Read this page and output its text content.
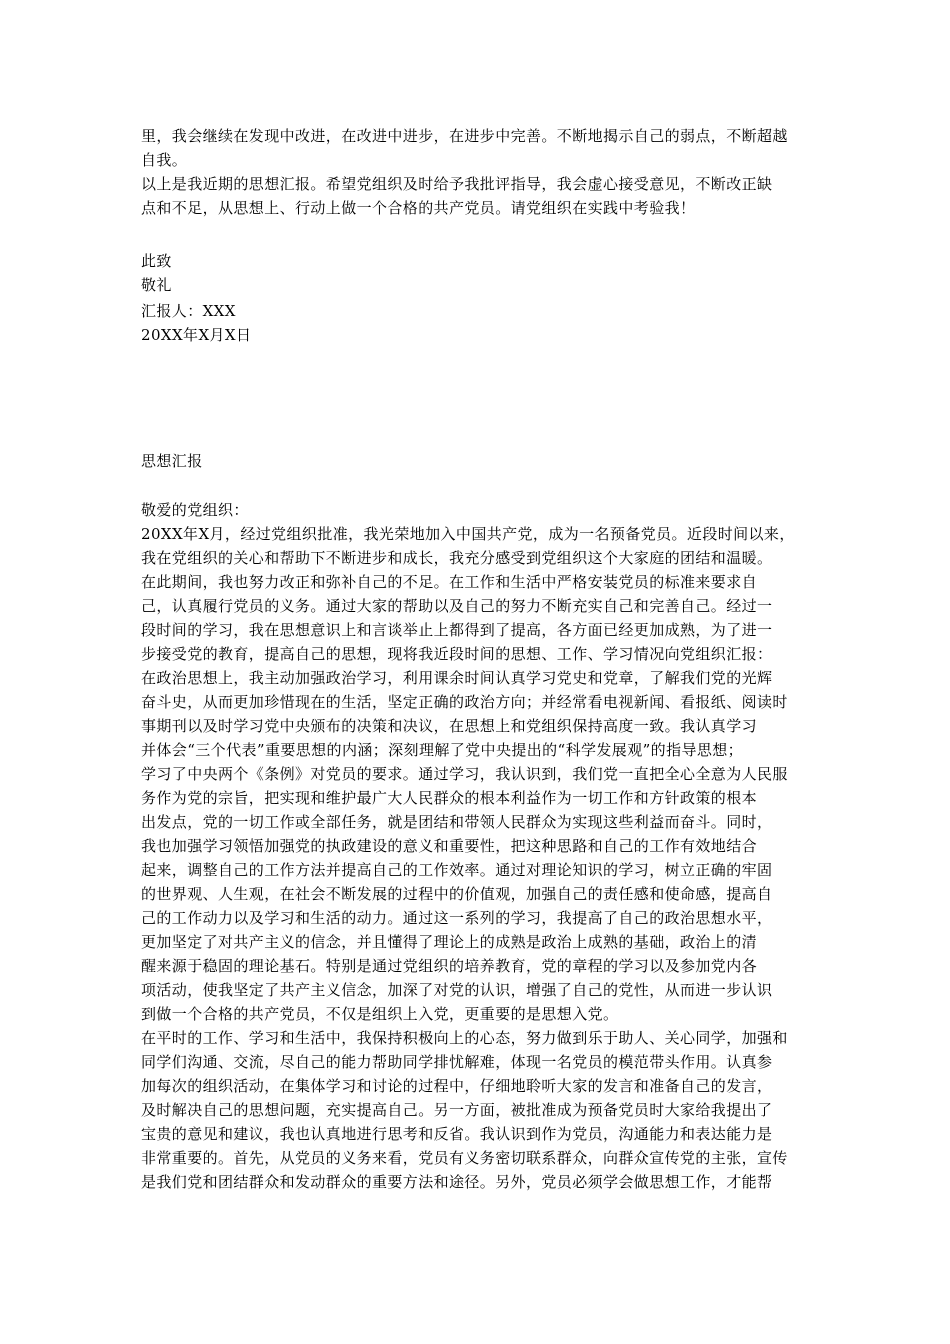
里，我会继续在发现中改进，在改进中进步，在进步中完善。不断地揭示自己的弱点，不断超越
自我。
以上是我近期的思想汇报。希望党组织及时给予我批评指导，我会虚心接受意见，不断改正缺
点和不足，从思想上、行动上做一个合格的共产党员。请党组织在实践中考验我！
此致
敬礼
汇报人：XXX
20XX年X月X日
思想汇报
敬爱的党组织：
20XX年X月，经过党组织批准，我光荣地加入中国共产党，成为一名预备党员。近段时间以来，
我在党组织的关心和帮助下不断进步和成长，我充分感受到党组织这个大家庭的团结和温暖。
在此期间，我也努力改正和弥补自己的不足。在工作和生活中严格安装党员的标准来要求自
己，认真履行党员的义务。通过大家的帮助以及自己的努力不断充实自己和完善自己。经过一
段时间的学习，我在思想意识上和言谈举止上都得到了提高，各方面已经更加成熟，为了进一
步接受党的教育，提高自己的思想，现将我近段时间的思想、工作、学习情况向党组织汇报：
在政治思想上，我主动加强政治学习，利用课余时间认真学习党史和党章，了解我们党的光辉
奋斗史，从而更加珍惜现在的生活，坚定正确的政治方向；并经常看电视新闻、看报纸、阅读时
事期刊以及时学习党中央颁布的决策和决议，在思想上和党组织保持高度一致。我认真学习
并体会“三个代表”重要思想的内涵；深刻理解了党中央提出的“科学发展观”的指导思想；
学习了中央两个《条例》对党员的要求。通过学习，我认识到，我们党一直把全心全意为人民服
务作为党的宗旨，把实现和维护最广大人民群众的根本利益作为一切工作和方针政策的根本
出发点，党的一切工作或全部任务，就是团结和带领人民群众为实现这些利益而奋斗。同时，
我也加强学习领悟加强党的执政建设的意义和重要性，把这种思路和自己的工作有效地结合
起来，调整自己的工作方法并提高自己的工作效率。通过对理论知识的学习，树立正确的牢固
的世界观、人生观，在社会不断发展的过程中的价值观，加强自己的责任感和使命感，提高自
己的工作动力以及学习和生活的动力。通过这一系列的学习，我提高了自己的政治思想水平，
更加坚定了对共产主义的信念，并且懂得了理论上的成熟是政治上成熟的基础，政治上的清
醒来源于稳固的理论基石。特别是通过党组织的培养教育，党的章程的学习以及参加党内各
项活动，使我坚定了共产主义信念，加深了对党的认识，增强了自己的党性，从而进一步认识
到做一个合格的共产党员，不仅是组织上入党，更重要的是思想入党。
在平时的工作、学习和生活中，我保持积极向上的心态，努力做到乐于助人、关心同学，加强和
同学们沟通、交流，尽自己的能力帮助同学排忧解难，体现一名党员的模范带头作用。认真参
加每次的组织活动，在集体学习和讨论的过程中，仔细地聆听大家的发言和准备自己的发言，
及时解决自己的思想问题，充实提高自己。另一方面，被批准成为预备党员时大家给我提出了
宝贵的意见和建议，我也认真地进行思考和反省。我认识到作为党员，沟通能力和表达能力是
非常重要的。首先，从党员的义务来看，党员有义务密切联系群众，向群众宣传党的主张，宣传
是我们党和团结群众和发动群众的重要方法和途径。另外，党员必须学会做思想工作，才能帮
